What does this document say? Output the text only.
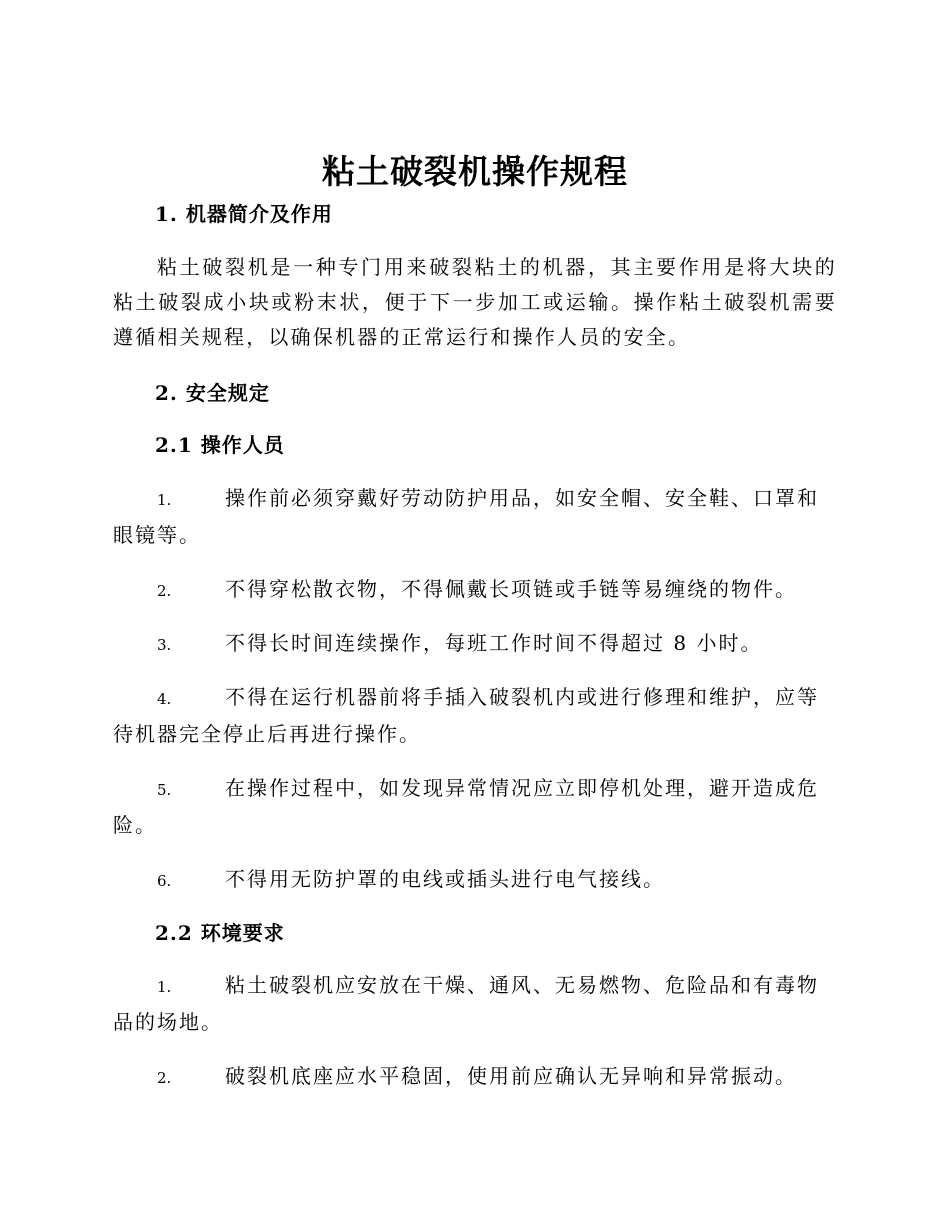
粘土破裂机操作规程
1. 机器简介及作用
粘土破裂机是一种专门用来破裂粘土的机器，其主要作用是将大块的粘土破裂成小块或粉末状，便于下一步加工或运输。操作粘土破裂机需要遵循相关规程，以确保机器的正常运行和操作人员的安全。
2. 安全规定
2.1 操作人员
1.	操作前必须穿戴好劳动防护用品，如安全帽、安全鞋、口罩和眼镜等。
2.	不得穿松散衣物，不得佩戴长项链或手链等易缠绕的物件。
3.	不得长时间连续操作，每班工作时间不得超过 8 小时。
4.	不得在运行机器前将手插入破裂机内或进行修理和维护，应等待机器完全停止后再进行操作。
5.	在操作过程中，如发现异常情况应立即停机处理，避开造成危险。
6.	不得用无防护罩的电线或插头进行电气接线。
2.2 环境要求
1.	粘土破裂机应安放在干燥、通风、无易燃物、危险品和有毒物品的场地。
2.	破裂机底座应水平稳固，使用前应确认无异响和异常振动。
